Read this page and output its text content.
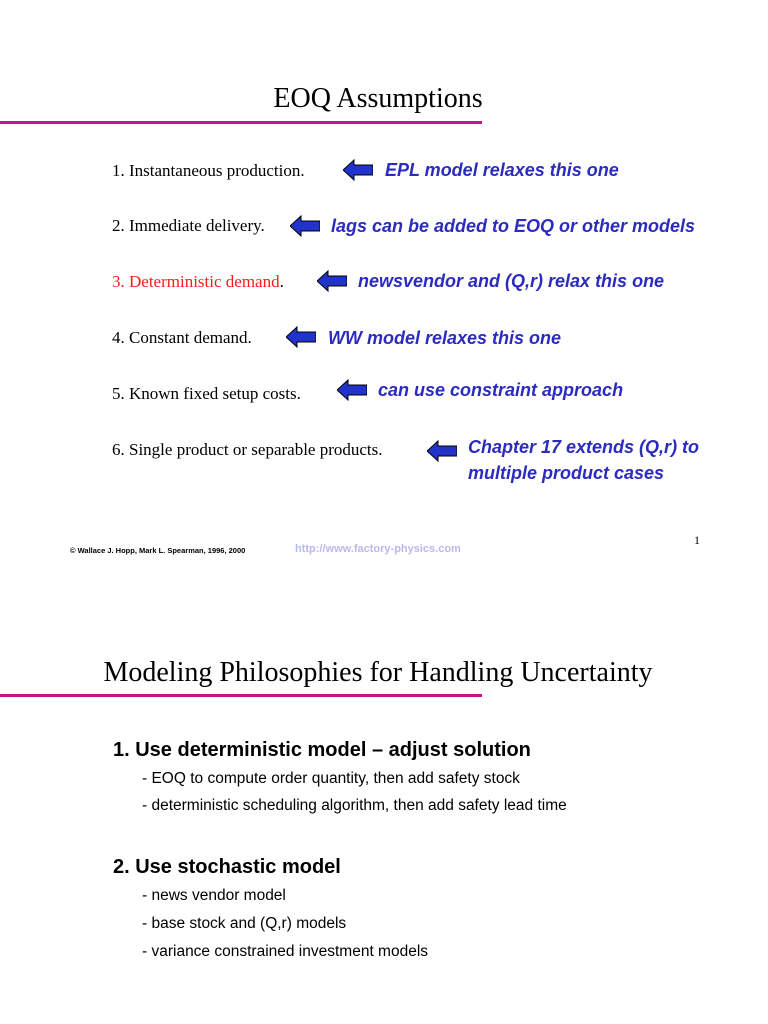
EOQ Assumptions
1. Instantaneous production.	EPL model relaxes this one
2. Immediate delivery.	lags can be added to EOQ or other models
3. Deterministic demand.	newsvendor and (Q,r) relax this one
4. Constant demand.	WW model relaxes this one
5. Known fixed setup costs.	can use constraint approach
6. Single product or separable products.	Chapter 17 extends (Q,r) to
multiple product cases
© Wallace J. Hopp, Mark L. Spearman, 1996, 2000	http://www.factory-physics.com
1
Modeling Philosophies for Handling Uncertainty
1. Use deterministic model – adjust solution
- EOQ to compute order quantity, then add safety stock
- deterministic scheduling algorithm, then add safety lead time
2. Use stochastic model
- news vendor model
- base stock and (Q,r) models
- variance constrained investment models
